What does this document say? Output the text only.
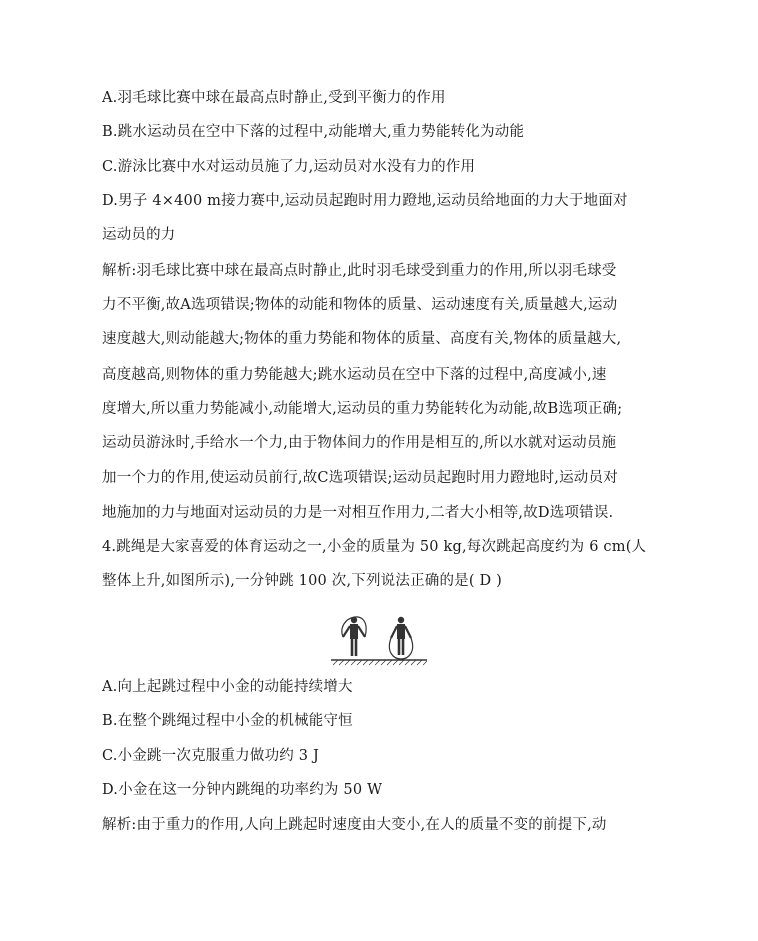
A.羽毛球比赛中球在最高点时静止,受到平衡力的作用
B.跳水运动员在空中下落的过程中,动能增大,重力势能转化为动能
C.游泳比赛中水对运动员施了力,运动员对水没有力的作用
D.男子 4×400 m接力赛中,运动员起跑时用力蹬地,运动员给地面的力大于地面对
运动员的力
解析:羽毛球比赛中球在最高点时静止,此时羽毛球受到重力的作用,所以羽毛球受
力不平衡,故A选项错误;物体的动能和物体的质量、运动速度有关,质量越大,运动
速度越大,则动能越大;物体的重力势能和物体的质量、高度有关,物体的质量越大,
高度越高,则物体的重力势能越大;跳水运动员在空中下落的过程中,高度减小,速
度增大,所以重力势能减小,动能增大,运动员的重力势能转化为动能,故B选项正确;
运动员游泳时,手给水一个力,由于物体间力的作用是相互的,所以水就对运动员施
加一个力的作用,使运动员前行,故C选项错误;运动员起跑时用力蹬地时,运动员对
地施加的力与地面对运动员的力是一对相互作用力,二者大小相等,故D选项错误.
4.跳绳是大家喜爱的体育运动之一,小金的质量为 50 kg,每次跳起高度约为 6 cm(人
整体上升,如图所示),一分钟跳 100 次,下列说法正确的是( D )
A.向上起跳过程中小金的动能持续增大
B.在整个跳绳过程中小金的机械能守恒
C.小金跳一次克服重力做功约 3 J
D.小金在这一分钟内跳绳的功率约为 50 W
解析:由于重力的作用,人向上跳起时速度由大变小,在人的质量不变的前提下,动
